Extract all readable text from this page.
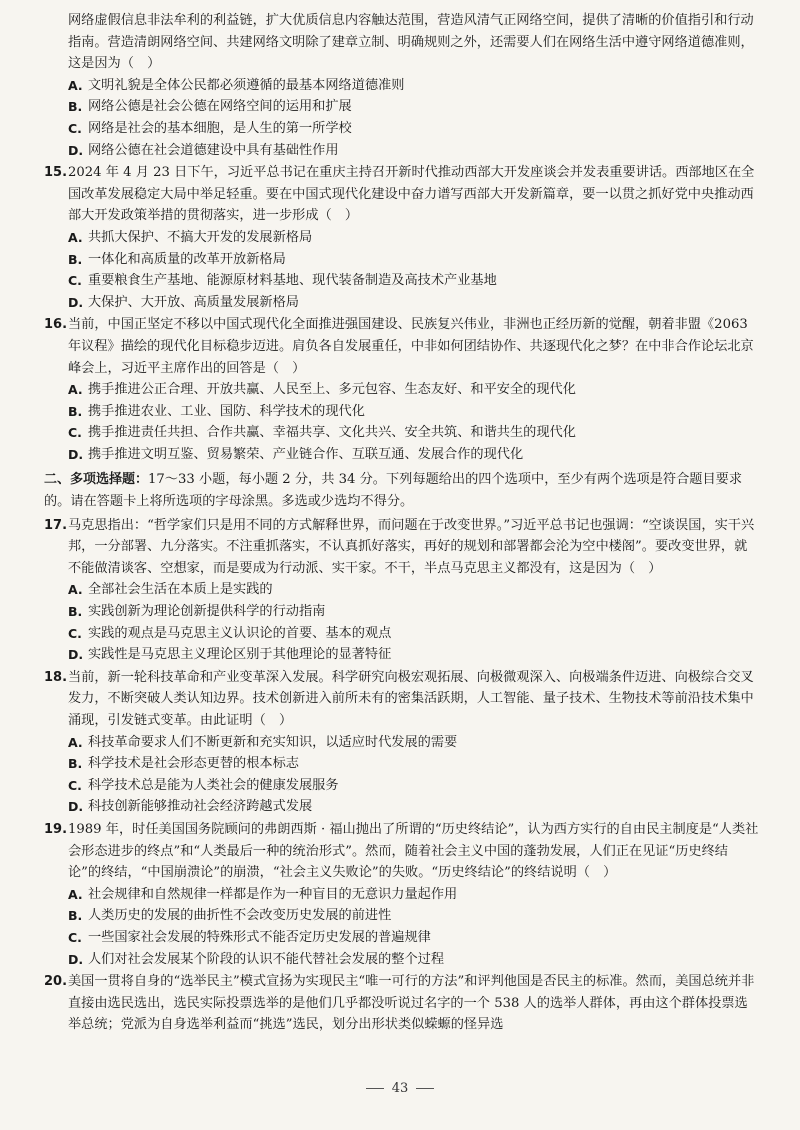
网络虚假信息非法牟利的利益链，扩大优质信息内容触达范围，营造风清气正网络空间，提供了清晰的价值指引和行动指南。营造清朗网络空间、共建网络文明除了建章立制、明确规则之外，还需要人们在网络生活中遵守网络道德准则，这是因为（　）

A. 文明礼貌是全体公民都必须遵循的最基本网络道德准则
B. 网络公德是社会公德在网络空间的运用和扩展
C. 网络是社会的基本细胞，是人生的第一所学校
D. 网络公德在社会道德建设中具有基础性作用
15. 2024 年 4 月 23 日下午，习近平总书记在重庆主持召开新时代推动西部大开发座谈会并发表重要讲话。西部地区在全国改革发展稳定大局中举足轻重。要在中国式现代化建设中奋力谱写西部大开发新篇章，要一以贯之抓好党中央推动西部大开发政策举措的贯彻落实，进一步形成（　）

A. 共抓大保护、不搞大开发的发展新格局
B. 一体化和高质量的改革开放新格局
C. 重要粮食生产基地、能源原材料基地、现代装备制造及高技术产业基地
D. 大保护、大开放、高质量发展新格局
16. 当前，中国正坚定不移以中国式现代化全面推进强国建设、民族复兴伟业，非洲也正经历新的觉醒，朝着非盟《2063 年议程》描绘的现代化目标稳步迈进。肩负各自发展重任，中非如何团结协作、共逐现代化之梦？在中非合作论坛北京峰会上，习近平主席作出的回答是（　）

A. 携手推进公正合理、开放共赢、人民至上、多元包容、生态友好、和平安全的现代化
B. 携手推进农业、工业、国防、科学技术的现代化
C. 携手推进责任共担、合作共赢、幸福共享、文化共兴、安全共筑、和谐共生的现代化
D. 携手推进文明互鉴、贸易繁荣、产业链合作、互联互通、发展合作的现代化

二、多项选择题：17～33 小题，每小题 2 分，共 34 分。下列每题给出的四个选项中，至少有两个选项是符合题目要求的。请在答题卡上将所选项的字母涂黑。多选或少选均不得分。

17. 马克思指出：“哲学家们只是用不同的方式解释世界，而问题在于改变世界。”习近平总书记也强调：“空谈误国，实干兴邦，一分部署、九分落实。不注重抓落实，不认真抓好落实，再好的规划和部署都会沦为空中楼阁”。要改变世界，就不能做清谈客、空想家，而是要成为行动派、实干家。不干，半点马克思主义都没有，这是因为（　）

A. 全部社会生活在本质上是实践的
B. 实践创新为理论创新提供科学的行动指南
C. 实践的观点是马克思主义认识论的首要、基本的观点
D. 实践性是马克思主义理论区别于其他理论的显著特征
18. 当前，新一轮科技革命和产业变革深入发展。科学研究向极宏观拓展、向极微观深入、向极端条件迈进、向极综合交叉发力，不断突破人类认知边界。技术创新进入前所未有的密集活跃期，人工智能、量子技术、生物技术等前沿技术集中涌现，引发链式变革。由此证明（　）

A. 科技革命要求人们不断更新和充实知识，以适应时代发展的需要
B. 科学技术是社会形态更替的根本标志
C. 科学技术总是能为人类社会的健康发展服务
D. 科技创新能够推动社会经济跨越式发展
19. 1989 年，时任美国国务院顾问的弗朗西斯 · 福山抛出了所谓的“历史终结论”，认为西方实行的自由民主制度是“人类社会形态进步的终点”和“人类最后一种的统治形式”。然而，随着社会主义中国的蓬勃发展，人们正在见证“历史终结论”的终结，“中国崩溃论”的崩溃，“社会主义失败论”的失败。“历史终结论”的终结说明（　）

A. 社会规律和自然规律一样都是作为一种盲目的无意识力量起作用
B. 人类历史的发展的曲折性不会改变历史发展的前进性
C. 一些国家社会发展的特殊形式不能否定历史发展的普遍规律
D. 人们对社会发展某个阶段的认识不能代替社会发展的整个过程
20. 美国一贯将自身的“选举民主”模式宣扬为实现民主“唯一可行的方法”和评判他国是否民主的标准。然而，美国总统并非直接由选民选出，选民实际投票选举的是他们几乎都没听说过名字的一个 538 人的选举人群体，再由这个群体投票选举总统；党派为自身选举利益而“挑选”选民，划分出形状类似蝾螈的怪异选

43
